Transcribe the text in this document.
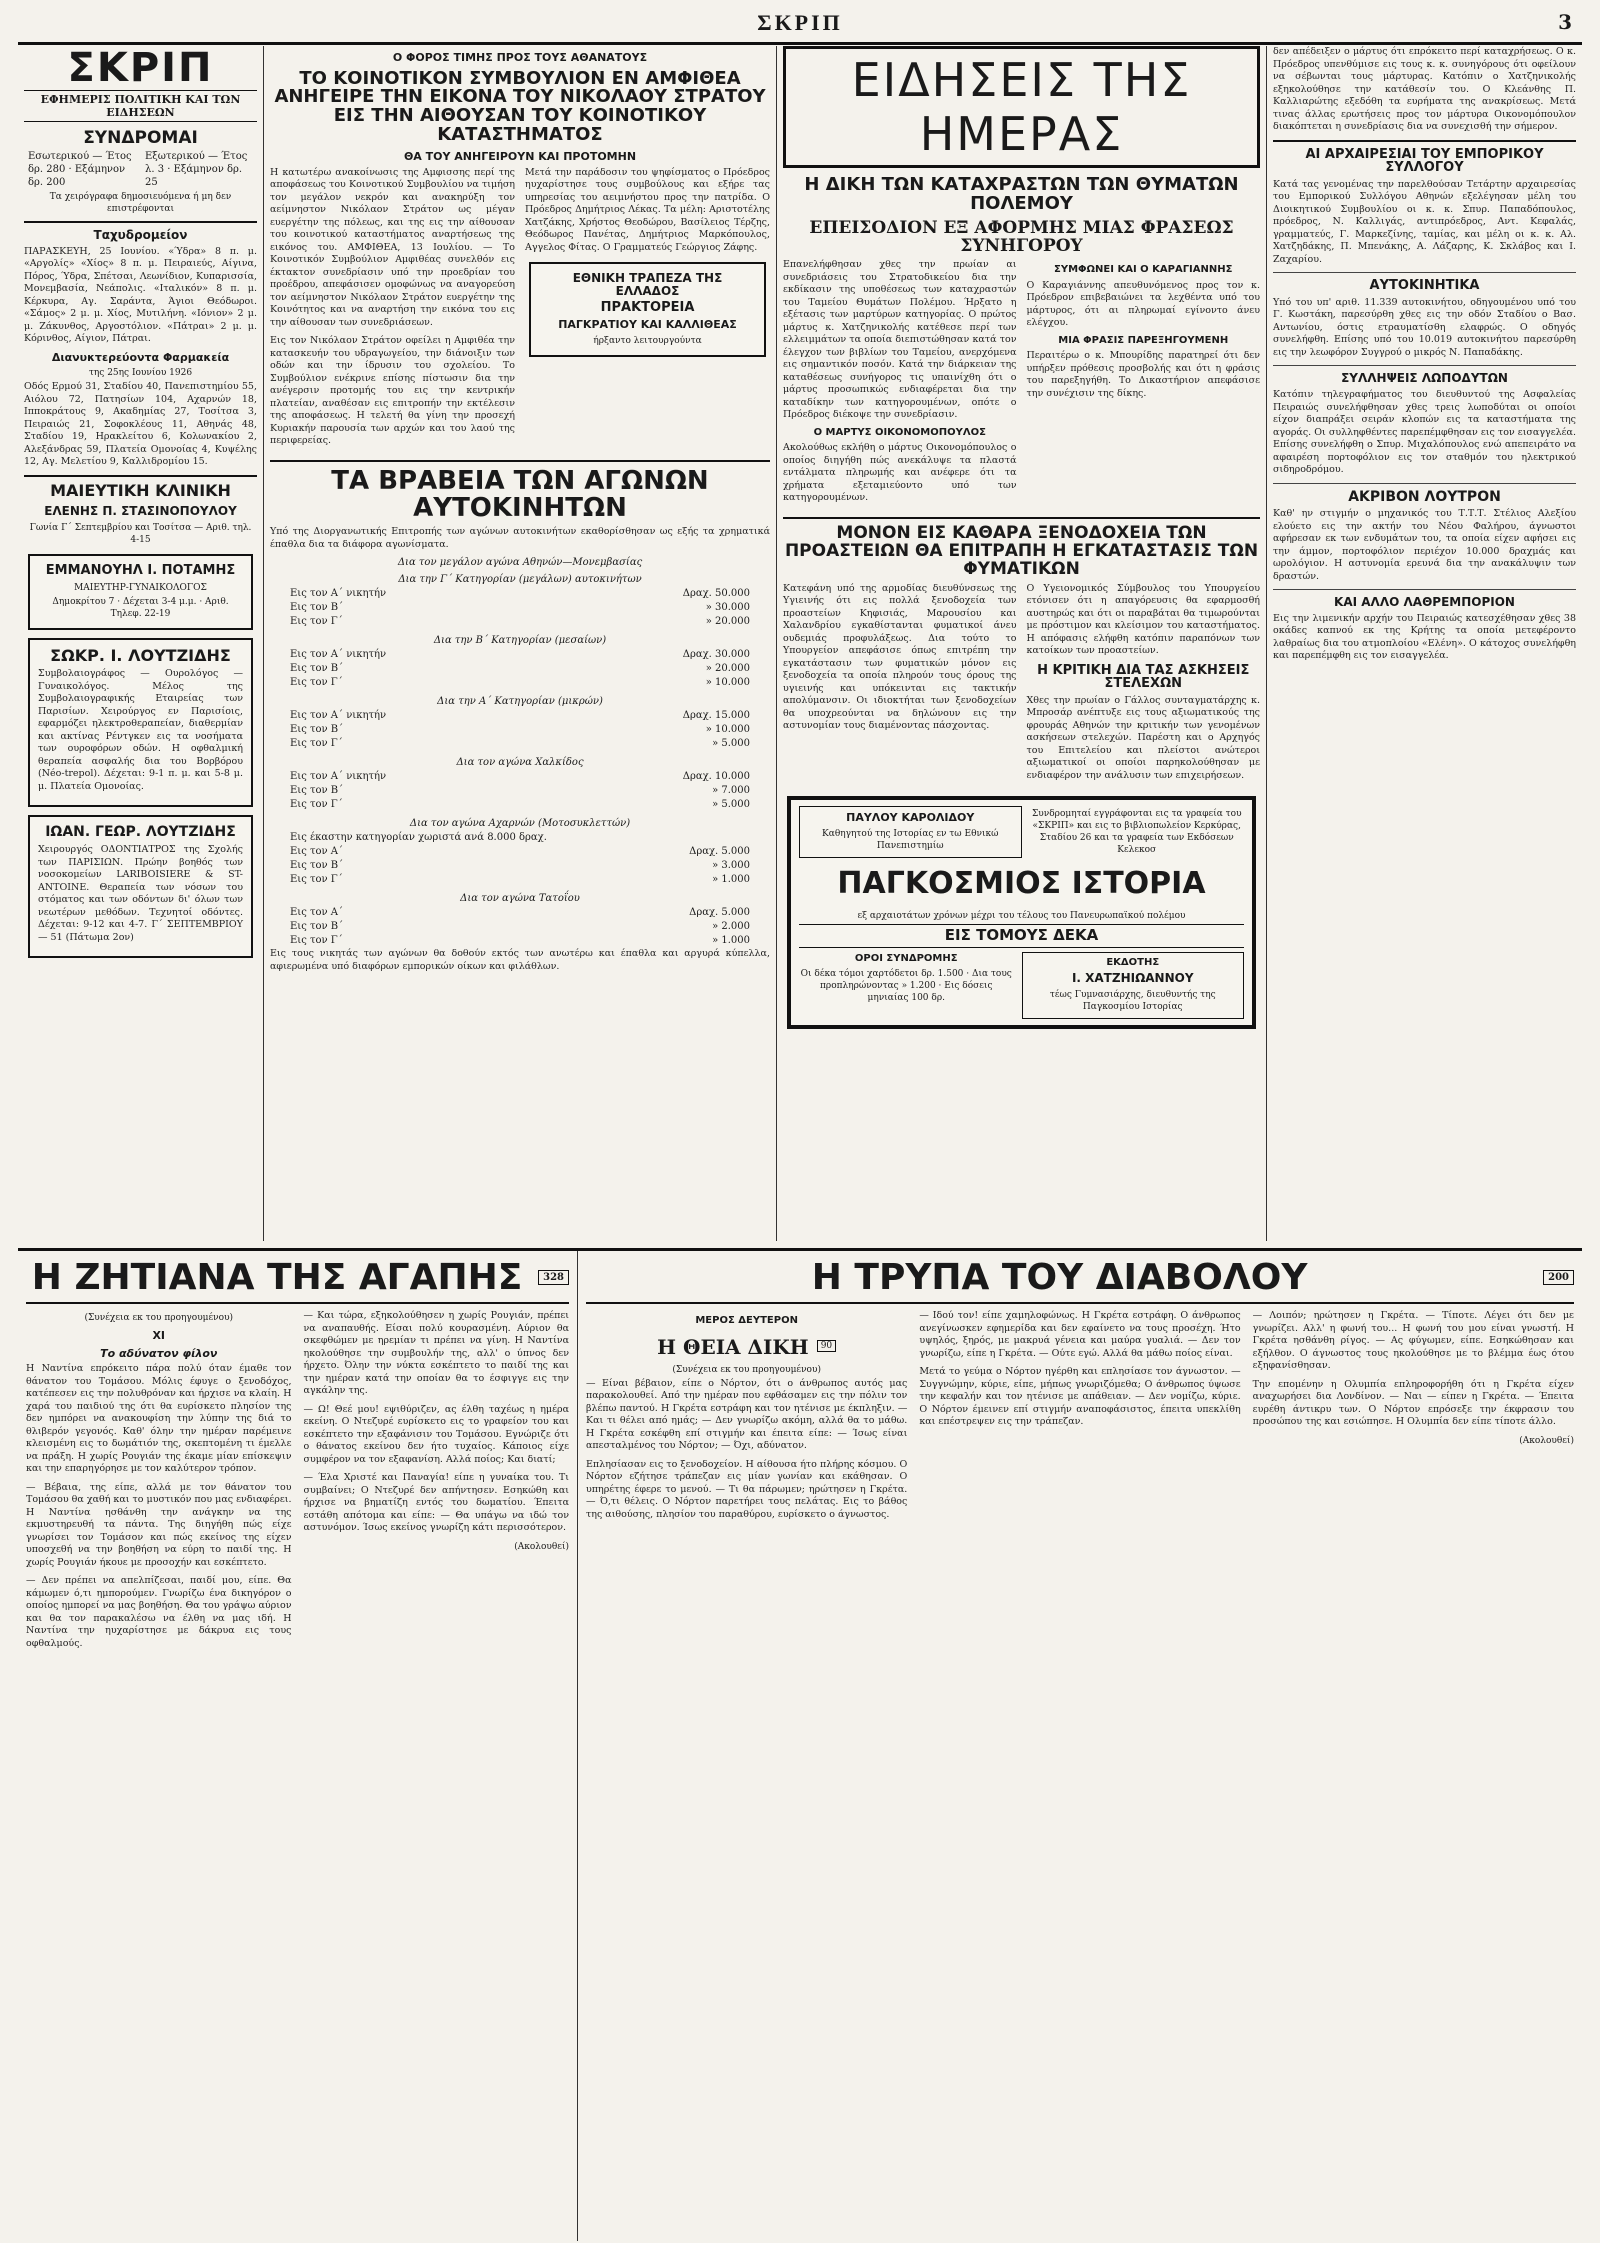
ΣΚΡΙΠ	3
ΣΚΡΙΠ
ΕΦΗΜΕΡΙΣ ΠΟΛΙΤΙΚΗ ΚΑΙ ΤΩΝ ΕΙΔΗΣΕΩΝ
ΣΥΝΔΡΟΜΑΙ
Εσωτερικού — Έτος δρ. 280 · Εξάμηνον δρ. 200
Εξωτερικού — Έτος λ. 3 · Εξάμηνον δρ. 25

Τα χειρόγραφα δημοσιευόμενα ή μη δεν επιστρέφονται

Ταχυδρομείον

ΠΑΡΑΣΚΕΥΗ, 25 Ιουνίου. «Ύδρα» 8 π. μ. «Αργολίς» «Χίος» 8 π. μ. Πειραιεύς, Αίγινα, Πόρος, Ύδρα, Σπέτσαι, Λεωνίδιον, Κυπαρισσία, Μονεμβασία, Νεάπολις. «Ιταλικόν» 8 π. μ. Κέρκυρα, Αγ. Σαράντα, Άγιοι Θεόδωροι. «Σάμος» 2 μ. μ. Χίος, Μυτιλήνη. «Ιόνιον» 2 μ. μ. Ζάκυνθος, Αργοστόλιον. «Πάτραι» 2 μ. μ. Κόρινθος, Αίγιον, Πάτραι.

Διανυκτερεύοντα Φαρμακεία

της 25ης Ιουνίου 1926

Οδός Ερμού 31, Σταδίου 40, Πανεπιστημίου 55, Αιόλου 72, Πατησίων 104, Αχαρνών 18, Ιπποκράτους 9, Ακαδημίας 27, Τοσίτσα 3, Πειραιώς 21, Σοφοκλέους 11, Αθηνάς 48, Σταδίου 19, Ηρακλείτου 6, Κολωνακίου 2, Αλεξάνδρας 59, Πλατεία Ομονοίας 4, Κυψέλης 12, Αγ. Μελετίου 9, Καλλιδρομίου 15.

ΜΑΙΕΥΤΙΚΗ ΚΛΙΝΙΚΗ
ΕΛΕΝΗΣ Π. ΣΤΑΣΙΝΟΠΟΥΛΟΥ

Γωνία Γ΄ Σεπτεμβρίου και Τοσίτσα — Αριθ. τηλ. 4-15

ΕΜΜΑΝΟΥΗΛ Ι. ΠΟΤΑΜΗΣ

ΜΑΙΕΥΤΗΡ-ΓΥΝΑΙΚΟΛΟΓΟΣ

Δημοκρίτου 7 · Δέχεται 3-4 μ.μ. · Αριθ. Τηλεφ. 22-19

ΣΩΚΡ. Ι. ΛΟΥΤΖΙΔΗΣ

Συμβολαιογράφος — Ουρολόγος — Γυναικολόγος. Μέλος της Συμβολαιογραφικής Εταιρείας των Παρισίων. Χειρούργος εν Παρισίοις, εφαρμόζει ηλεκτροθεραπείαν, διαθερμίαν και ακτίνας Ρέντγκεν εις τα νοσήματα των ουροφόρων οδών. Η οφθαλμική θεραπεία ασφαλής δια του Βορβόρου (Néo-trepol). Δέχεται: 9-1 π. μ. και 5-8 μ. μ. Πλατεία Ομονοίας.

ΙΩΑΝ. ΓΕΩΡ. ΛΟΥΤΖΙΔΗΣ

Χειρουργός ΟΔΟΝΤΙΑΤΡΟΣ της Σχολής των ΠΑΡΙΣΙΩΝ. Πρώην βοηθός των νοσοκομείων LARIBOISIERE & ST-ANTOINE. Θεραπεία των νόσων του στόματος και των οδόντων δι' όλων των νεωτέρων μεθόδων. Τεχνητοί οδόντες. Δέχεται: 9-12 και 4-7. Γ΄ ΣΕΠΤΕΜΒΡΙΟΥ — 51 (Πάτωμα 2ον)

Ο ΦΟΡΟΣ ΤΙΜΗΣ ΠΡΟΣ ΤΟΥΣ ΑΘΑΝΑΤΟΥΣ
ΤΟ ΚΟΙΝΟΤΙΚΟΝ ΣΥΜΒΟΥΛΙΟΝ ΕΝ ΑΜΦΙΘΕΑ ΑΝΗΓΕΙΡΕ ΤΗΝ ΕΙΚΟΝΑ ΤΟΥ ΝΙΚΟΛΑΟΥ ΣΤΡΑΤΟΥ ΕΙΣ ΤΗΝ ΑΙΘΟΥΣΑΝ ΤΟΥ ΚΟΙΝΟΤΙΚΟΥ ΚΑΤΑΣΤΗΜΑΤΟΣ
ΘΑ ΤΟΥ ΑΝΗΓΕΙΡΟΥΝ ΚΑΙ ΠΡΟΤΟΜΗΝ

Η κατωτέρω ανακοίνωσις της Αμφισσης περί της αποφάσεως του Κοινοτικού Συμβουλίου να τιμήση τον μεγάλον νεκρόν και ανακηρύξη τον αείμνηστον Νικόλαον Στράτον ως μέγαν ευεργέτην της πόλεως, και της εις την αίθουσαν του κοινοτικού καταστήματος αναρτήσεως της εικόνος του. ΑΜΦΙΘΕΑ, 13 Ιουλίου. — Το Κοινοτικόν Συμβούλιον Αμφιθέας συνελθόν εις έκτακτον συνεδρίασιν υπό την προεδρίαν του προέδρου, απεφάσισεν ομοφώνως να αναγορεύση τον αείμνηστον Νικόλαον Στράτον ευεργέτην της Κοινότητος και να αναρτήση την εικόνα του εις την αίθουσαν των συνεδριάσεων.

Εις τον Νικόλαον Στράτον οφείλει η Αμφιθέα την κατασκευήν του υδραγωγείου, την διάνοιξιν των οδών και την ίδρυσιν του σχολείου. Το Συμβούλιον ενέκρινε επίσης πίστωσιν δια την ανέγερσιν προτομής του εις την κεντρικήν πλατείαν, αναθέσαν εις επιτροπήν την εκτέλεσιν της αποφάσεως. Η τελετή θα γίνη την προσεχή Κυριακήν παρουσία των αρχών και του λαού της περιφερείας.

Μετά την παράδοσιν του ψηφίσματος ο Πρόεδρος ηυχαρίστησε τους συμβούλους και εξήρε τας υπηρεσίας του αειμνήστου προς την πατρίδα. Ο Πρόεδρος Δημήτριος Λέκας. Τα μέλη: Αριστοτέλης Χατζάκης, Χρήστος Θεοδώρου, Βασίλειος Τέρζης, Θεόδωρος Πανέτας, Δημήτριος Μαρκόπουλος, Αγγελος Φίτας. Ο Γραμματεύς Γεώργιος Ζάφης.

ΕΘΝΙΚΗ ΤΡΑΠΕΖΑ ΤΗΣ ΕΛΛΑΔΟΣ
ΠΡΑΚΤΟΡΕΙΑ
ΠΑΓΚΡΑΤΙΟΥ ΚΑΙ ΚΑΛΛΙΘΕΑΣ

ήρξαντο λειτουργούντα

ΤΑ ΒΡΑΒΕΙΑ ΤΩΝ ΑΓΩΝΩΝ ΑΥΤΟΚΙΝΗΤΩΝ

Υπό της Διοργανωτικής Επιτροπής των αγώνων αυτοκινήτων εκαθορίσθησαν ως εξής τα χρηματικά έπαθλα δια τα διάφορα αγωνίσματα.

Δια τον μεγάλον αγώνα Αθηνών—Μονεμβασίας
Δια την Γ΄ Κατηγορίαν (μεγάλων) αυτοκινήτων
Εις τον Α΄ νικητήν	Δραχ. 50.000
Εις τον Β΄	» 30.000
Εις τον Γ΄	» 20.000
Δια την Β΄ Κατηγορίαν (μεσαίων)
Εις τον Α΄ νικητήν	Δραχ. 30.000
Εις τον Β΄	» 20.000
Εις τον Γ΄	» 10.000
Δια την Α΄ Κατηγορίαν (μικρών)
Εις τον Α΄ νικητήν	Δραχ. 15.000
Εις τον Β΄	» 10.000
Εις τον Γ΄	» 5.000
Δια τον αγώνα Χαλκίδος
Εις τον Α΄ νικητήν	Δραχ. 10.000
Εις τον Β΄	» 7.000
Εις τον Γ΄	» 5.000
Δια τον αγώνα Αχαρνών (Μοτοσυκλεττών)
Εις έκαστην κατηγορίαν χωριστά ανά 8.000 δραχ.
Εις τον Α΄	Δραχ. 5.000
Εις τον Β΄	» 3.000
Εις τον Γ΄	» 1.000
Δια τον αγώνα Τατοΐου
Εις τον Α΄	Δραχ. 5.000
Εις τον Β΄	» 2.000
Εις τον Γ΄	» 1.000

Εις τους νικητάς των αγώνων θα δοθούν εκτός των ανωτέρω και έπαθλα και αργυρά κύπελλα, αφιερωμένα υπό διαφόρων εμπορικών οίκων και φιλάθλων.

ΕΙΔΗΣΕΙΣ ΤΗΣ ΗΜΕΡΑΣ
Η ΔΙΚΗ ΤΩΝ ΚΑΤΑΧΡΑΣΤΩΝ ΤΩΝ ΘΥΜΑΤΩΝ ΠΟΛΕΜΟΥ
ΕΠΕΙΣΟΔΙΟΝ ΕΞ ΑΦΟΡΜΗΣ ΜΙΑΣ ΦΡΑΣΕΩΣ ΣΥΝΗΓΟΡΟΥ

Επανελήφθησαν χθες την πρωίαν αι συνεδριάσεις του Στρατοδικείου δια την εκδίκασιν της υποθέσεως των καταχραστών του Ταμείου Θυμάτων Πολέμου. Ήρξατο η εξέτασις των μαρτύρων κατηγορίας. Ο πρώτος μάρτυς κ. Χατζηνικολής κατέθεσε περί των ελλειμμάτων τα οποία διεπιστώθησαν κατά τον έλεγχον των βιβλίων του Ταμείου, ανερχόμενα εις σημαντικόν ποσόν. Κατά την διάρκειαν της καταθέσεως συνήγορος τις υπαινίχθη ότι ο μάρτυς προσωπικώς ενδιαφέρεται δια την καταδίκην των κατηγορουμένων, οπότε ο Πρόεδρος διέκοψε την συνεδρίασιν.

Ο ΜΑΡΤΥΣ ΟΙΚΟΝΟΜΟΠΟΥΛΟΣ

Ακολούθως εκλήθη ο μάρτυς Οικονομόπουλος ο οποίος διηγήθη πώς ανεκάλυψε τα πλαστά εντάλματα πληρωμής και ανέφερε ότι τα χρήματα εξεταμιεύοντο υπό των κατηγορουμένων.

ΣΥΜΦΩΝΕΙ ΚΑΙ Ο ΚΑΡΑΓΙΑΝΝΗΣ

Ο Καραγιάννης απευθυνόμενος προς τον κ. Πρόεδρον επιβεβαιώνει τα λεχθέντα υπό του μάρτυρος, ότι αι πληρωμαί εγίνοντο άνευ ελέγχου.

ΜΙΑ ΦΡΑΣΙΣ ΠΑΡΕΞΗΓΟΥΜΕΝΗ

Περαιτέρω ο κ. Μπουρίδης παρατηρεί ότι δεν υπήρξεν πρόθεσις προσβολής και ότι η φράσις του παρεξηγήθη. Το Δικαστήριον απεφάσισε την συνέχισιν της δίκης.

ΜΟΝΟΝ ΕΙΣ ΚΑΘΑΡΑ ΞΕΝΟΔΟΧΕΙΑ ΤΩΝ ΠΡΟΑΣΤΕΙΩΝ ΘΑ ΕΠΙΤΡΑΠΗ Η ΕΓΚΑΤΑΣΤΑΣΙΣ ΤΩΝ ΦΥΜΑΤΙΚΩΝ

Κατεφάνη υπό της αρμοδίας διευθύνσεως της Υγιεινής ότι εις πολλά ξενοδοχεία των προαστείων Κηφισιάς, Μαρουσίου και Χαλανδρίου εγκαθίστανται φυματικοί άνευ ουδεμιάς προφυλάξεως. Δια τούτο το Υπουργείον απεφάσισε όπως επιτρέπη την εγκατάστασιν των φυματικών μόνον εις ξενοδοχεία τα οποία πληρούν τους όρους της υγιεινής και υπόκεινται εις τακτικήν απολύμανσιν. Οι ιδιοκτήται των ξενοδοχείων θα υποχρεούνται να δηλώνουν εις την αστυνομίαν τους διαμένοντας πάσχοντας.

Ο Υγειονομικός Σύμβουλος του Υπουργείου ετόνισεν ότι η απαγόρευσις θα εφαρμοσθή αυστηρώς και ότι οι παραβάται θα τιμωρούνται με πρόστιμον και κλείσιμον του καταστήματος. Η απόφασις ελήφθη κατόπιν παραπόνων των κατοίκων των προαστείων.

Η ΚΡΙΤΙΚΗ ΔΙΑ ΤΑΣ ΑΣΚΗΣΕΙΣ ΣΤΕΛΕΧΩΝ

Χθες την πρωίαν ο Γάλλος συνταγματάρχης κ. Μπροσάρ ανέπτυξε εις τους αξιωματικούς της φρουράς Αθηνών την κριτικήν των γενομένων ασκήσεων στελεχών. Παρέστη και ο Αρχηγός του Επιτελείου και πλείστοι ανώτεροι αξιωματικοί οι οποίοι παρηκολούθησαν με ενδιαφέρον την ανάλυσιν των επιχειρήσεων.

ΠΑΥΛΟΥ ΚΑΡΟΛΙΔΟΥ

Καθηγητού της Ιστορίας εν τω Εθνικώ Πανεπιστημίω

Συνδρομηταί εγγράφονται εις τα γραφεία του «ΣΚΡΙΠ» και εις το βιβλιοπωλείον Κερκύρας, Σταδίου 26 και τα γραφεία των Εκδόσεων Κελεκοσ

ΠΑΓΚΟΣΜΙΟΣ ΙΣΤΟΡΙΑ

εξ αρχαιοτάτων χρόνων μέχρι του τέλους του Πανευρωπαϊκού πολέμου

ΕΙΣ ΤΟΜΟΥΣ ΔΕΚΑ
ΟΡΟΙ ΣΥΝΔΡΟΜΗΣ

Οι δέκα τόμοι χαρτόδετοι δρ. 1.500 · Δια τους προπληρώνοντας » 1.200 · Εις δόσεις μηνιαίας 100 δρ.

ΕΚΔΟΤΗΣ
Ι. ΧΑΤΖΗΙΩΑΝΝΟΥ

τέως Γυμνασιάρχης, διευθυντής της Παγκοσμίου Ιστορίας

δεν απέδειξεν ο μάρτυς ότι επρόκειτο περί καταχρήσεως. Ο κ. Πρόεδρος υπενθύμισε εις τους κ. κ. συνηγόρους ότι οφείλουν να σέβωνται τους μάρτυρας. Κατόπιν ο Χατζηνικολής εξηκολούθησε την κατάθεσίν του. Ο Κλεάνθης Π. Καλλιαρώτης εξεδόθη τα ευρήματα της ανακρίσεως. Μετά τινας άλλας ερωτήσεις προς τον μάρτυρα Οικονομόπουλον διακόπτεται η συνεδρίασις δια να συνεχισθή την σήμερον.

ΑΙ ΑΡΧΑΙΡΕΣΙΑΙ ΤΟΥ ΕΜΠΟΡΙΚΟΥ ΣΥΛΛΟΓΟΥ

Κατά τας γενομένας την παρελθούσαν Τετάρτην αρχαιρεσίας του Εμπορικού Συλλόγου Αθηνών εξελέγησαν μέλη του Διοικητικού Συμβουλίου οι κ. κ. Σπυρ. Παπαδόπουλος, πρόεδρος, Ν. Καλλιγάς, αντιπρόεδρος, Αντ. Κεφαλάς, γραμματεύς, Γ. Μαρκεζίνης, ταμίας, και μέλη οι κ. κ. Αλ. Χατζηδάκης, Π. Μπενάκης, Α. Λάζαρης, Κ. Σκλάβος και Ι. Ζαχαρίου.

ΑΥΤΟΚΙΝΗΤΙΚΑ

Υπό του υπ' αριθ. 11.339 αυτοκινήτου, οδηγουμένου υπό του Γ. Κωστάκη, παρεσύρθη χθες εις την οδόν Σταδίου ο Βασ. Αντωνίου, όστις ετραυματίσθη ελαφρώς. Ο οδηγός συνελήφθη. Επίσης υπό του 10.019 αυτοκινήτου παρεσύρθη εις την λεωφόρον Συγγρού ο μικρός Ν. Παπαδάκης.

ΣΥΛΛΗΨΕΙΣ ΛΩΠΟΔΥΤΩΝ

Κατόπιν τηλεγραφήματος του διευθυντού της Ασφαλείας Πειραιώς συνελήφθησαν χθες τρεις λωποδύται οι οποίοι είχον διαπράξει σειράν κλοπών εις τα καταστήματα της αγοράς. Οι συλληφθέντες παρεπέμφθησαν εις τον εισαγγελέα. Επίσης συνελήφθη ο Σπυρ. Μιχαλόπουλος ενώ απεπειράτο να αφαιρέση πορτοφόλιον εις τον σταθμόν του ηλεκτρικού σιδηροδρόμου.

ΑΚΡΙΒΟΝ ΛΟΥΤΡΟΝ

Καθ' ην στιγμήν ο μηχανικός του Τ.Τ.Τ. Στέλιος Αλεξίου ελούετο εις την ακτήν του Νέου Φαλήρου, άγνωστοι αφήρεσαν εκ των ενδυμάτων του, τα οποία είχεν αφήσει εις την άμμον, πορτοφόλιον περιέχον 10.000 δραχμάς και ωρολόγιον. Η αστυνομία ερευνά δια την ανακάλυψιν των δραστών.

ΚΑΙ ΑΛΛΟ ΛΑΘΡΕΜΠΟΡΙΟΝ

Εις την λιμενικήν αρχήν του Πειραιώς κατεσχέθησαν χθες 38 οκάδες καπνού εκ της Κρήτης τα οποία μετεφέροντο λαθραίως δια του ατμοπλοίου «Ελένη». Ο κάτοχος συνελήφθη και παρεπέμφθη εις τον εισαγγελέα.

Η ΖΗΤΙΑΝΑ ΤΗΣ ΑΓΑΠΗΣ	328

(Συνέχεια εκ του προηγουμένου)

ΧΙ
Το αδύνατον φίλον

Η Ναντίνα επρόκειτο πάρα πολύ όταν έμαθε τον θάνατον του Τομάσου. Μόλις έφυγε ο ξενοδόχος, κατέπεσεν εις την πολυθρόναν και ήρχισε να κλαίη. Η χαρά του παιδιού της ότι θα ευρίσκετο πλησίον της δεν ημπόρει να ανακουφίση την λύπην της διά το θλιβερόν γεγονός. Καθ' όλην την ημέραν παρέμεινε κλεισμένη εις το δωμάτιόν της, σκεπτομένη τι έμελλε να πράξη. Η χωρίς Ρουγιάν της έκαμε μίαν επίσκεψιν και την επαρηγόρησε με τον καλύτερον τρόπον.

— Βέβαια, της είπε, αλλά με τον θάνατον του Τομάσου θα χαθή και το μυστικόν που μας ενδιαφέρει. Η Ναντίνα ησθάνθη την ανάγκην να της εκμυστηρευθή τα πάντα. Της διηγήθη πώς είχε γνωρίσει τον Τομάσον και πώς εκείνος της είχεν υποσχεθή να την βοηθήση να εύρη το παιδί της. Η χωρίς Ρουγιάν ήκουε με προσοχήν και εσκέπτετο.

— Δεν πρέπει να απελπίζεσαι, παιδί μου, είπε. Θα κάμωμεν ό,τι ημπορούμεν. Γνωρίζω ένα δικηγόρον ο οποίος ημπορεί να μας βοηθήση. Θα του γράψω αύριον και θα τον παρακαλέσω να έλθη να μας ιδή. Η Ναντίνα την ηυχαρίστησε με δάκρυα εις τους οφθαλμούς.

— Και τώρα, εξηκολούθησεν η χωρίς Ρουγιάν, πρέπει να αναπαυθής. Είσαι πολύ κουρασμένη. Αύριον θα σκεφθώμεν με ηρεμίαν τι πρέπει να γίνη. Η Ναντίνα ηκολούθησε την συμβουλήν της, αλλ' ο ύπνος δεν ήρχετο. Όλην την νύκτα εσκέπτετο το παιδί της και την ημέραν κατά την οποίαν θα το έσφιγγε εις την αγκάλην της.

— Ω! Θεέ μου! εψιθύριζεν, ας έλθη ταχέως η ημέρα εκείνη. Ο Ντεζυρέ ευρίσκετο εις το γραφείον του και εσκέπτετο την εξαφάνισιν του Τομάσου. Εγνώριζε ότι ο θάνατος εκείνου δεν ήτο τυχαίος. Κάποιος είχε συμφέρον να τον εξαφανίση. Αλλά ποίος; Και διατί;

— Έλα Χριστέ και Παναγία! είπε η γυναίκα του. Τι συμβαίνει; Ο Ντεζυρέ δεν απήντησεν. Εσηκώθη και ήρχισε να βηματίζη εντός του δωματίου. Έπειτα εστάθη απότομα και είπε: — Θα υπάγω να ιδώ τον αστυνόμον. Ίσως εκείνος γνωρίζη κάτι περισσότερον.

(Ακολουθεί)

Η ΤΡΥΠΑ ΤΟΥ ΔΙΑΒΟΛΟΥ	200
ΜΕΡΟΣ ΔΕΥΤΕΡΟΝ
Η ΘΕΙΑ ΔΙΚΗ	90

(Συνέχεια εκ του προηγουμένου)

— Είναι βέβαιον, είπε ο Νόρτον, ότι ο άνθρωπος αυτός μας παρακολουθεί. Από την ημέραν που εφθάσαμεν εις την πόλιν τον βλέπω παντού. Η Γκρέτα εστράφη και τον ητένισε με έκπληξιν. — Και τι θέλει από ημάς; — Δεν γνωρίζω ακόμη, αλλά θα το μάθω. Η Γκρέτα εσκέφθη επί στιγμήν και έπειτα είπε: — Ίσως είναι απεσταλμένος του Νόρτον; — Όχι, αδύνατον.

Επλησίασαν εις το ξενοδοχείον. Η αίθουσα ήτο πλήρης κόσμου. Ο Νόρτον εζήτησε τράπεζαν εις μίαν γωνίαν και εκάθησαν. Ο υπηρέτης έφερε το μενού. — Τι θα πάρωμεν; ηρώτησεν η Γκρέτα. — Ό,τι θέλεις. Ο Νόρτον παρετήρει τους πελάτας. Εις το βάθος της αιθούσης, πλησίον του παραθύρου, ευρίσκετο ο άγνωστος.

— Ιδού τον! είπε χαμηλοφώνως. Η Γκρέτα εστράφη. Ο άνθρωπος ανεγίνωσκεν εφημερίδα και δεν εφαίνετο να τους προσέχη. Ήτο υψηλός, ξηρός, με μακρυά γένεια και μαύρα γυαλιά. — Δεν τον γνωρίζω, είπε η Γκρέτα. — Ούτε εγώ. Αλλά θα μάθω ποίος είναι.

Μετά το γεύμα ο Νόρτον ηγέρθη και επλησίασε τον άγνωστον. — Συγγνώμην, κύριε, είπε, μήπως γνωριζόμεθα; Ο άνθρωπος ύψωσε την κεφαλήν και τον ητένισε με απάθειαν. — Δεν νομίζω, κύριε. Ο Νόρτον έμεινεν επί στιγμήν αναποφάσιστος, έπειτα υπεκλίθη και επέστρεψεν εις την τράπεζαν.

— Λοιπόν; ηρώτησεν η Γκρέτα. — Τίποτε. Λέγει ότι δεν με γνωρίζει. Αλλ' η φωνή του... Η φωνή του μου είναι γνωστή. Η Γκρέτα ησθάνθη ρίγος. — Ας φύγωμεν, είπε. Εσηκώθησαν και εξήλθον. Ο άγνωστος τους ηκολούθησε με το βλέμμα έως ότου εξηφανίσθησαν.

Την επομένην η Ολυμπία επληροφορήθη ότι η Γκρέτα είχεν αναχωρήσει δια Λονδίνον. — Ναι — είπεν η Γκρέτα. — Έπειτα ευρέθη άντικρυ των. Ο Νόρτον επρόσεξε την έκφρασιν του προσώπου της και εσιώπησε. Η Ολυμπία δεν είπε τίποτε άλλο.

(Ακολουθεί)
